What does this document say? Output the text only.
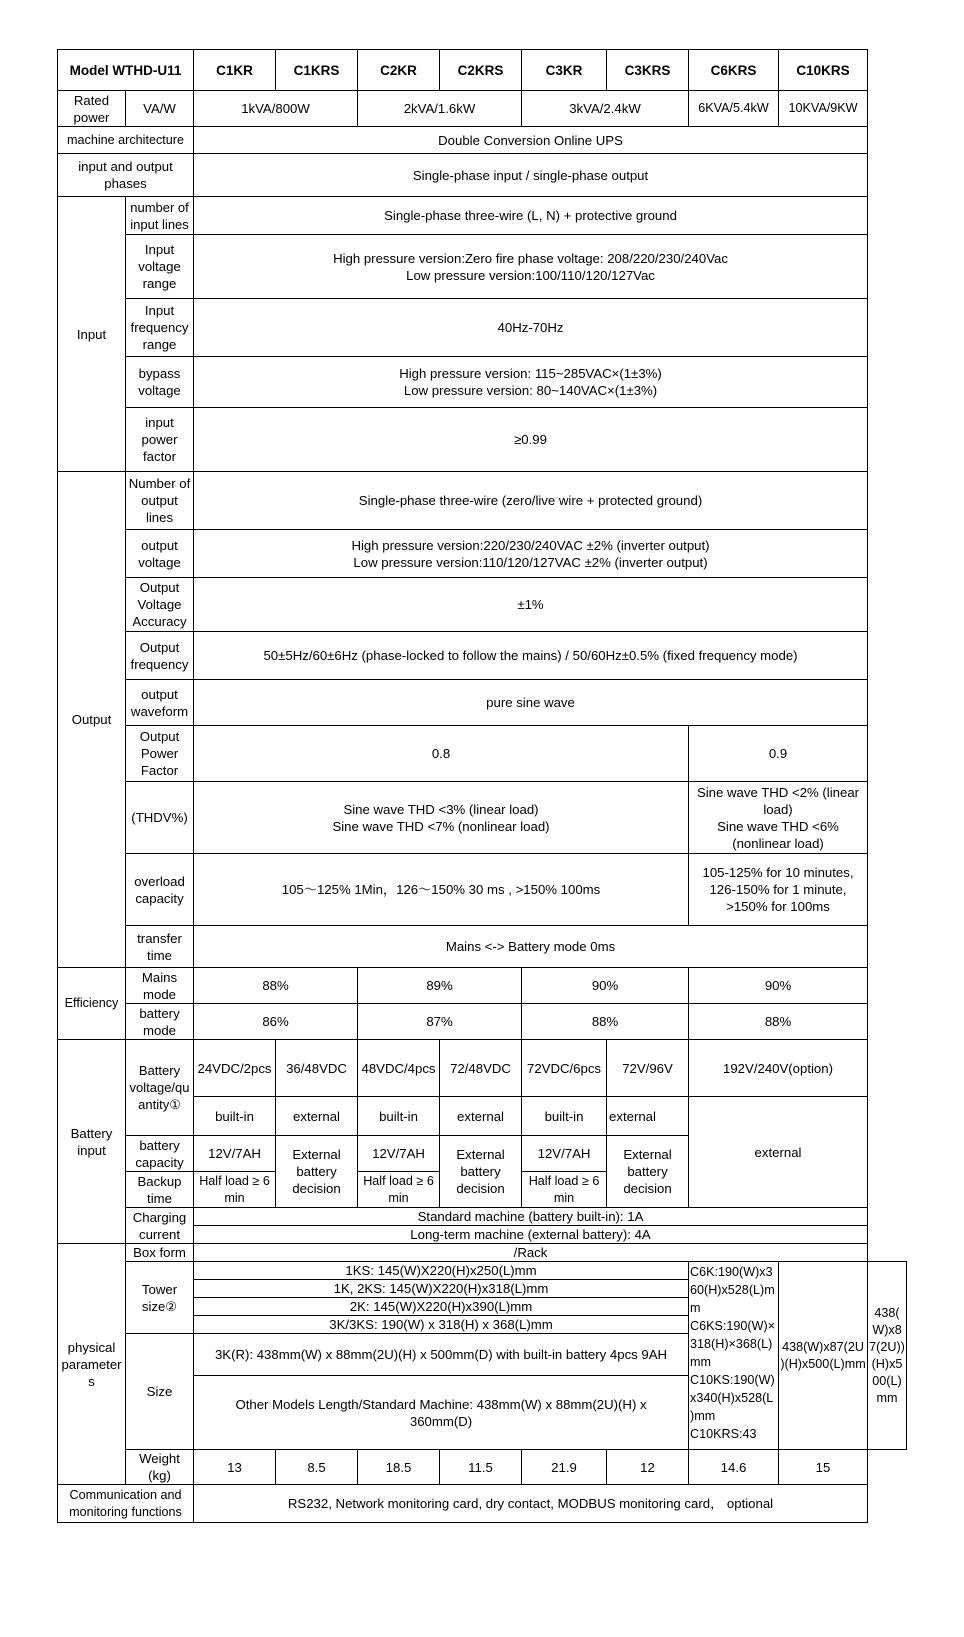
Model WTHD-U11		C1KR	C1KRS	C2KR	C2KRS	C3KR	C3KRS	C6KRS	C10KRS	
Rated power	VA/W	1kVA/800W		2kVA/1.6kW		3kVA/2.4kW		6KVA/5.4kW	10KVA/9KW	
machine architecture		Double Conversion Online UPS								
input and output phases		Single-phase input / single-phase output								
Input	number of input lines	Single-phase three-wire (L, N) + protective ground								
	Input voltage range	High pressure version:Zero fire phase voltage: 208/220/230/240Vac
Low pressure version:100/110/120/127Vac								

	Input frequency range	40Hz-70Hz								
	bypass voltage	High pressure version: 115~285VAC×(1±3%)
Low pressure version: 80~140VAC×(1±3%)								

	input power factor	≥0.99								
Output	Number of output lines	Single-phase three-wire (zero/live wire + protected ground)								
	output voltage	High pressure version:220/230/240VAC ±2% (inverter output)
Low pressure version:110/120/127VAC ±2% (inverter output)								

	Output Voltage Accuracy	±1%								
	Output frequency	50±5Hz/60±6Hz (phase-locked to follow the mains) / 50/60Hz±0.5% (fixed frequency mode)								
	output waveform	pure sine wave								
	Output Power Factor	0.8						0.9		
	(THDV%)	Sine wave THD <3% (linear load)
Sine wave THD <7% (nonlinear load)						Sine wave THD <2% (linear load)
Sine wave THD <6% (nonlinear load)		

	overload capacity	105～125% 1Min，126～150% 30 ms , >150% 100ms						105-125% for 10 minutes,
126-150% for 1 minute,
>150% for 100ms		

	transfer time	Mains <-> Battery mode 0ms								
Efficiency	Mains mode	88%		89%		90%		90%		
	battery mode	86%		87%		88%		88%		
Battery input	Battery voltage/quantity①	24VDC/2pcs	36/48VDC	48VDC/4pcs	72/48VDC	72VDC/6pcs	72V/96V	192V/240V(option)		
		built-in	external	built-in	external	built-in	external	external		
	battery capacity	12V/7AH	External battery decision	12V/7AH	External battery decision	12V/7AH	External battery decision			
	Backup time	Half load ≥ 6 min		Half load ≥ 6 min		Half load ≥ 6 min				
	Charging current	Standard machine (battery built-in): 1A								
		Long-term machine (external battery): 4A								
physical parameters	Box form	/Rack								
	Tower size②	1KS: 145(W)X220(H)x250(L)mm						C6K:190(W)x360(H)x528(L)mm C6KS:190(W)×318(H)×368(L)mm C10KS:190(W)x340(H)x528(L)mm C10KRS:43	438(W)x87(2U)(H)x500(L)mm	438(W)x87(2U))(H)x500(L)mm
		1K, 2KS: 145(W)X220(H)x318(L)mm								
		2K: 145(W)X220(H)x390(L)mm								
		3K/3KS: 190(W) x 318(H) x 368(L)mm								
	Size	3K(R): 438mm(W) x 88mm(2U)(H) x 500mm(D) with built-in battery 4pcs 9AH								
		Other Models Length/Standard Machine: 438mm(W) x 88mm(2U)(H) x 360mm(D)								
	Weight (kg)	13	8.5	18.5	11.5	21.9	12	14.6	15	
Communication and monitoring functions		RS232, Network monitoring card, dry contact, MODBUS monitoring card， optional								
